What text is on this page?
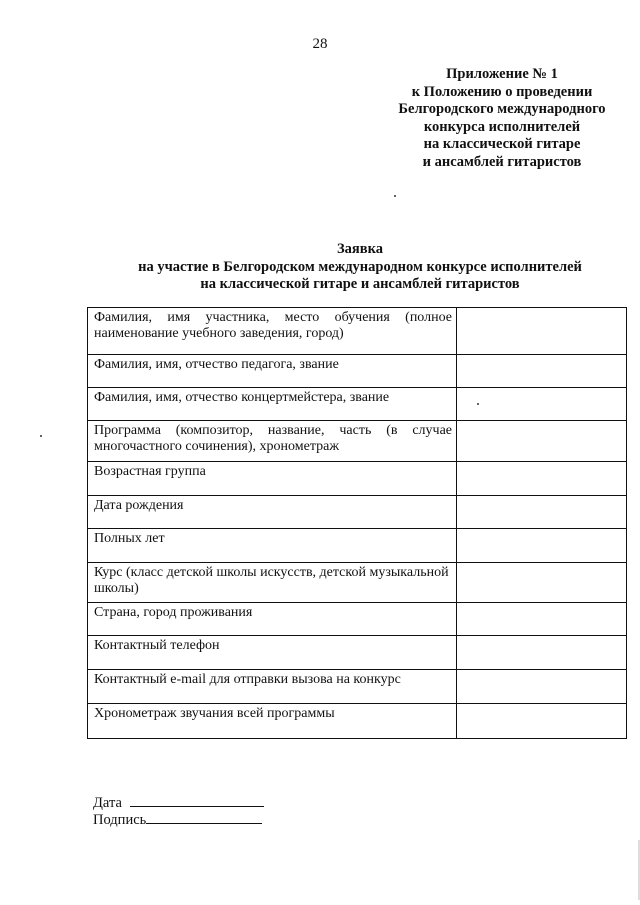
28
Приложение № 1
к Положению о проведении
Белгородского международного
конкурса исполнителей
на классической гитаре
и ансамблей гитаристов
Заявка
на участие в Белгородском международном конкурсе исполнителей
на классической гитаре и ансамблей гитаристов
Фамилия, имя участника, место обучения (полное наименование учебного заведения, город)	

Фамилия, имя, отчество педагога, звание	

Фамилия, имя, отчество концертмейстера, звание	

Программа (композитор, название, часть (в случае многочастного сочинения), хронометраж	

Возрастная группа	

Дата рождения	

Полных лет	

Курс (класс детской школы искусств, детской музыкальной школы)	

Страна, город проживания	

Контактный телефон	

Контактный e-mail для отправки вызова на конкурс	

Хронометраж звучания всей программы	

Дата
Подпись
